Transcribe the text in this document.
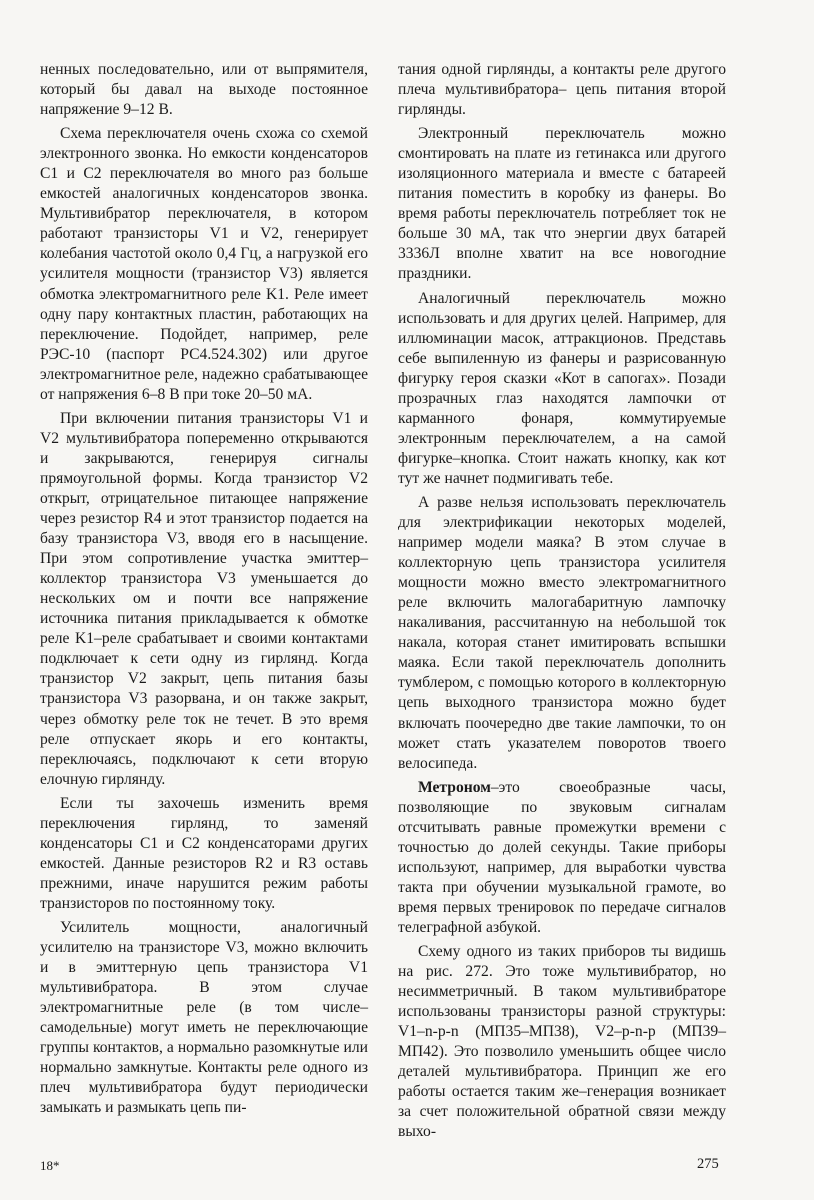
ненных последовательно, или от выпрямителя, который бы давал на выходе постоянное напряжение 9–12 В.

Схема переключателя очень схожа со схемой электронного звонка. Но емкости конденсаторов C1 и C2 переключателя во много раз больше емкостей аналогичных конденсаторов звонка. Мультивибратор переключателя, в котором работают транзисторы V1 и V2, генерирует колебания частотой около 0,4 Гц, а нагрузкой его усилителя мощности (транзистор V3) является обмотка электромагнитного реле K1. Реле имеет одну пару контактных пластин, работающих на переключение. Подойдет, например, реле РЭС-10 (паспорт РС4.524.302) или другое электромагнитное реле, надежно срабатывающее от напряжения 6–8 В при токе 20–50 мА.

При включении питания транзисторы V1 и V2 мультивибратора попеременно открываются и закрываются, генерируя сигналы прямоугольной формы. Когда транзистор V2 открыт, отрицательное питающее напряжение через резистор R4 и этот транзистор подается на базу транзистора V3, вводя его в насыщение. При этом сопротивление участка эмиттер–коллектор транзистора V3 уменьшается до нескольких ом и почти все напряжение источника питания прикладывается к обмотке реле K1–реле срабатывает и своими контактами подключает к сети одну из гирлянд. Когда транзистор V2 закрыт, цепь питания базы транзистора V3 разорвана, и он также закрыт, через обмотку реле ток не течет. В это время реле отпускает якорь и его контакты, переключаясь, подключают к сети вторую елочную гирлянду.

Если ты захочешь изменить время переключения гирлянд, то заменяй конденсаторы C1 и C2 конденсаторами других емкостей. Данные резисторов R2 и R3 оставь прежними, иначе нарушится режим работы транзисторов по постоянному току.

Усилитель мощности, аналогичный усилителю на транзисторе V3, можно включить и в эмиттерную цепь транзистора V1 мультивибратора. В этом случае электромагнитные реле (в том числе–самодельные) могут иметь не переключающие группы контактов, а нормально разомкнутые или нормально замкнутые. Контакты реле одного из плеч мультивибратора будут периодически замыкать и размыкать цепь пи-

тания одной гирлянды, а контакты реле другого плеча мультивибратора– цепь питания второй гирлянды.

Электронный переключатель можно смонтировать на плате из гетинакса или другого изоляционного материала и вместе с батареей питания поместить в коробку из фанеры. Во время работы переключатель потребляет ток не больше 30 мА, так что энергии двух батарей 3336Л вполне хватит на все новогодние праздники.

Аналогичный переключатель можно использовать и для других целей. Например, для иллюминации масок, аттракционов. Представь себе выпиленную из фанеры и разрисованную фигурку героя сказки «Кот в сапогах». Позади прозрачных глаз находятся лампочки от карманного фонаря, коммутируемые электронным переключателем, а на самой фигурке–кнопка. Стоит нажать кнопку, как кот тут же начнет подмигивать тебе.

А разве нельзя использовать переключатель для электрификации некоторых моделей, например модели маяка? В этом случае в коллекторную цепь транзистора усилителя мощности можно вместо электромагнитного реле включить малогабаритную лампочку накаливания, рассчитанную на небольшой ток накала, которая станет имитировать вспышки маяка. Если такой переключатель дополнить тумблером, с помощью которого в коллекторную цепь выходного транзистора можно будет включать поочередно две такие лампочки, то он может стать указателем поворотов твоего велосипеда.

Метроном–это своеобразные часы, позволяющие по звуковым сигналам отсчитывать равные промежутки времени с точностью до долей секунды. Такие приборы используют, например, для выработки чувства такта при обучении музыкальной грамоте, во время первых тренировок по передаче сигналов телеграфной азбукой.

Схему одного из таких приборов ты видишь на рис. 272. Это тоже мультивибратор, но несимметричный. В таком мультивибраторе использованы транзисторы разной структуры: V1–n-p-n (МП35–МП38), V2–p-n-p (МП39–МП42). Это позволило уменьшить общее число деталей мультивибратора. Принцип же его работы остается таким же–генерация возникает за счет положительной обратной связи между выхо-

18*	275
